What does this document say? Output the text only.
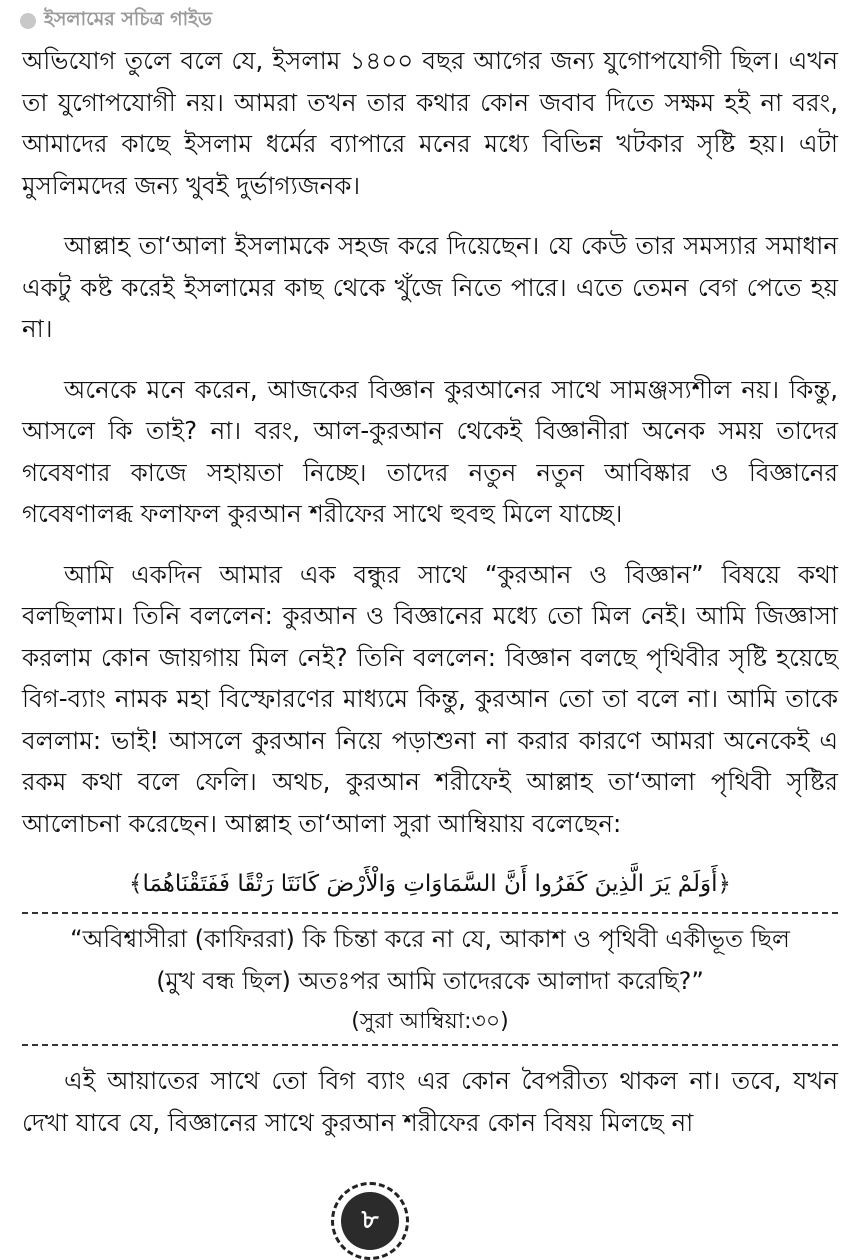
ইসলামের সচিত্র গাইড

অভিযোগ তুলে বলে যে, ইসলাম ১৪০০ বছর আগের জন্য যুগোপযোগী ছিল। এখন তা যুগোপযোগী নয়। আমরা তখন তার কথার কোন জবাব দিতে সক্ষম হই না বরং, আমাদের কাছে ইসলাম ধর্মের ব্যাপারে মনের মধ্যে বিভিন্ন খটকার সৃষ্টি হয়। এটা মুসলিমদের জন্য খুবই দুর্ভাগ্যজনক।

আল্লাহ তা‘আলা ইসলামকে সহজ করে দিয়েছেন। যে কেউ তার সমস্যার সমাধান একটু কষ্ট করেই ইসলামের কাছ থেকে খুঁজে নিতে পারে। এতে তেমন বেগ পেতে হয় না।

অনেকে মনে করেন, আজকের বিজ্ঞান কুরআনের সাথে সামঞ্জস্যশীল নয়। কিন্তু, আসলে কি তাই? না। বরং, আল-কুরআন থেকেই বিজ্ঞানীরা অনেক সময় তাদের গবেষণার কাজে সহায়তা নিচ্ছে। তাদের নতুন নতুন আবিষ্কার ও বিজ্ঞানের গবেষণালব্ধ ফলাফল কুরআন শরীফের সাথে হুবহু মিলে যাচ্ছে।

আমি একদিন আমার এক বন্ধুর সাথে “কুরআন ও বিজ্ঞান” বিষয়ে কথা বলছিলাম। তিনি বললেন: কুরআন ও বিজ্ঞানের মধ্যে তো মিল নেই। আমি জিজ্ঞাসা করলাম কোন জায়গায় মিল নেই? তিনি বললেন: বিজ্ঞান বলছে পৃথিবীর সৃষ্টি হয়েছে বিগ-ব্যাং নামক মহা বিস্ফোরণের মাধ্যমে কিন্তু, কুরআন তো তা বলে না। আমি তাকে বললাম: ভাই! আসলে কুরআন নিয়ে পড়াশুনা না করার কারণে আমরা অনেকেই এ রকম কথা বলে ফেলি। অথচ, কুরআন শরীফেই আল্লাহ তা‘আলা পৃথিবী সৃষ্টির আলোচনা করেছেন। আল্লাহ তা‘আলা সুরা আম্বিয়ায় বলেছেন:

﴿أَوَلَمْ يَرَ الَّذِينَ كَفَرُوا أَنَّ السَّمَاوَاتِ وَالْأَرْضَ كَانَتَا رَتْقًا فَفَتَقْنَاهُمَا﴾

“অবিশ্বাসীরা (কাফিররা) কি চিন্তা করে না যে, আকাশ ও পৃথিবী একীভূত ছিল

(মুখ বন্ধ ছিল) অতঃপর আমি তাদেরকে আলাদা করেছি?”

(সুরা আম্বিয়া:৩০)

এই আয়াতের সাথে তো বিগ ব্যাং এর কোন বৈপরীত্য থাকল না। তবে, যখন দেখা যাবে যে, বিজ্ঞানের সাথে কুরআন শরীফের কোন বিষয় মিলছে না

৮
